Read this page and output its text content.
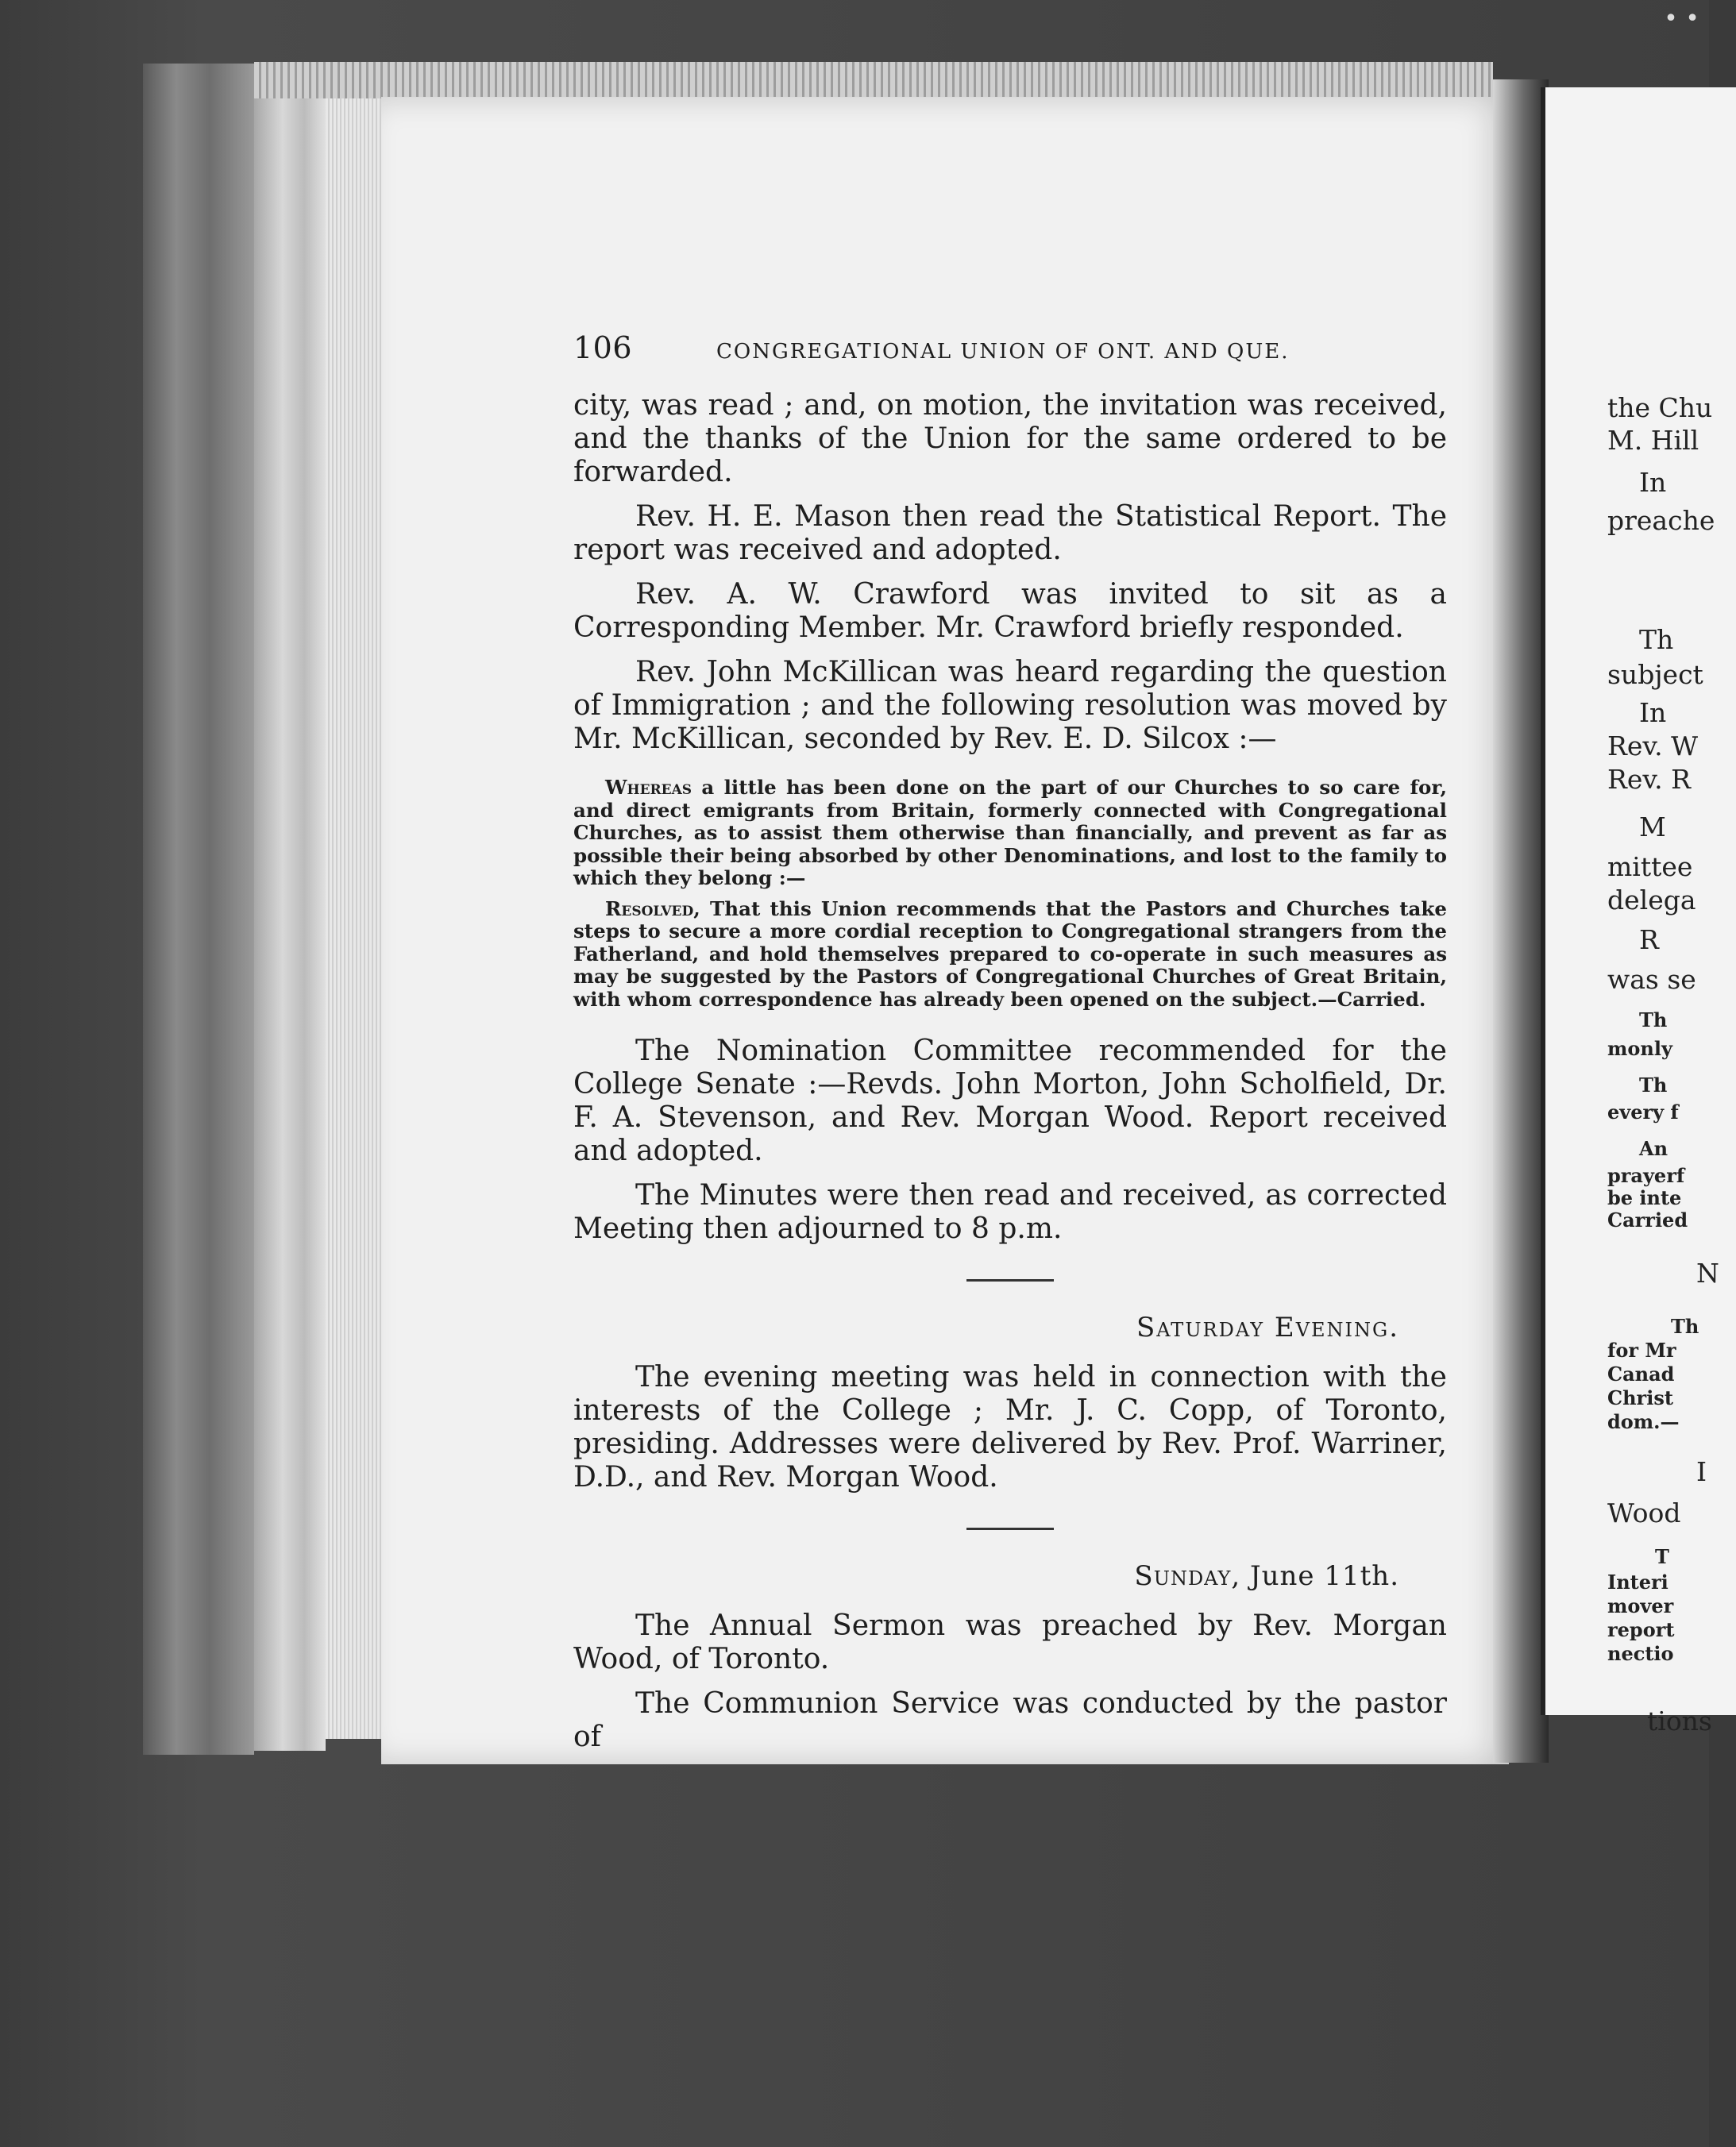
• •
106	CONGREGATIONAL UNION OF ONT. AND QUE.

city, was read ; and, on motion, the invitation was received, and the thanks of the Union for the same ordered to be forwarded.

Rev. H. E. Mason then read the Statistical Report. The report was received and adopted.

Rev. A. W. Crawford was invited to sit as a Corresponding Member. Mr. Crawford briefly responded.

Rev. John McKillican was heard regarding the question of Immigration ; and the following resolution was moved by Mr. McKillican, seconded by Rev. E. D. Silcox :—

Whereas a little has been done on the part of our Churches to so care for, and direct emigrants from Britain, formerly connected with Congregational Churches, as to assist them otherwise than financially, and prevent as far as possible their being absorbed by other Denominations, and lost to the family to which they belong :—

Resolved, That this Union recommends that the Pastors and Churches take steps to secure a more cordial reception to Congregational strangers from the Fatherland, and hold themselves prepared to co-operate in such measures as may be suggested by the Pastors of Congregational Churches of Great Britain, with whom correspondence has already been opened on the subject.—Carried.

The Nomination Committee recommended for the College Senate :—Revds. John Morton, John Scholfield, Dr. F. A. Stevenson, and Rev. Morgan Wood. Report received and adopted.

The Minutes were then read and received, as corrected Meeting then adjourned to 8 p.m.

Saturday Evening.

The evening meeting was held in connection with the interests of the College ; Mr. J. C. Copp, of Toronto, presiding. Addresses were delivered by Rev. Prof. Warriner, D.D., and Rev. Morgan Wood.

Sunday, June 11th.

The Annual Sermon was preached by Rev. Morgan Wood, of Toronto.

The Communion Service was conducted by the pastor of

the Chu
M. Hill
In
preache
Th
subject
In
Rev. W
Rev. R
M
mittee
delega
R
was se
Th
monly
Th
every f
An
prayerf
be inte
Carried
N
Th
for Mr
Canad
Christ
dom.—
I
Wood
T
Interi
mover
report
nectio
tions
